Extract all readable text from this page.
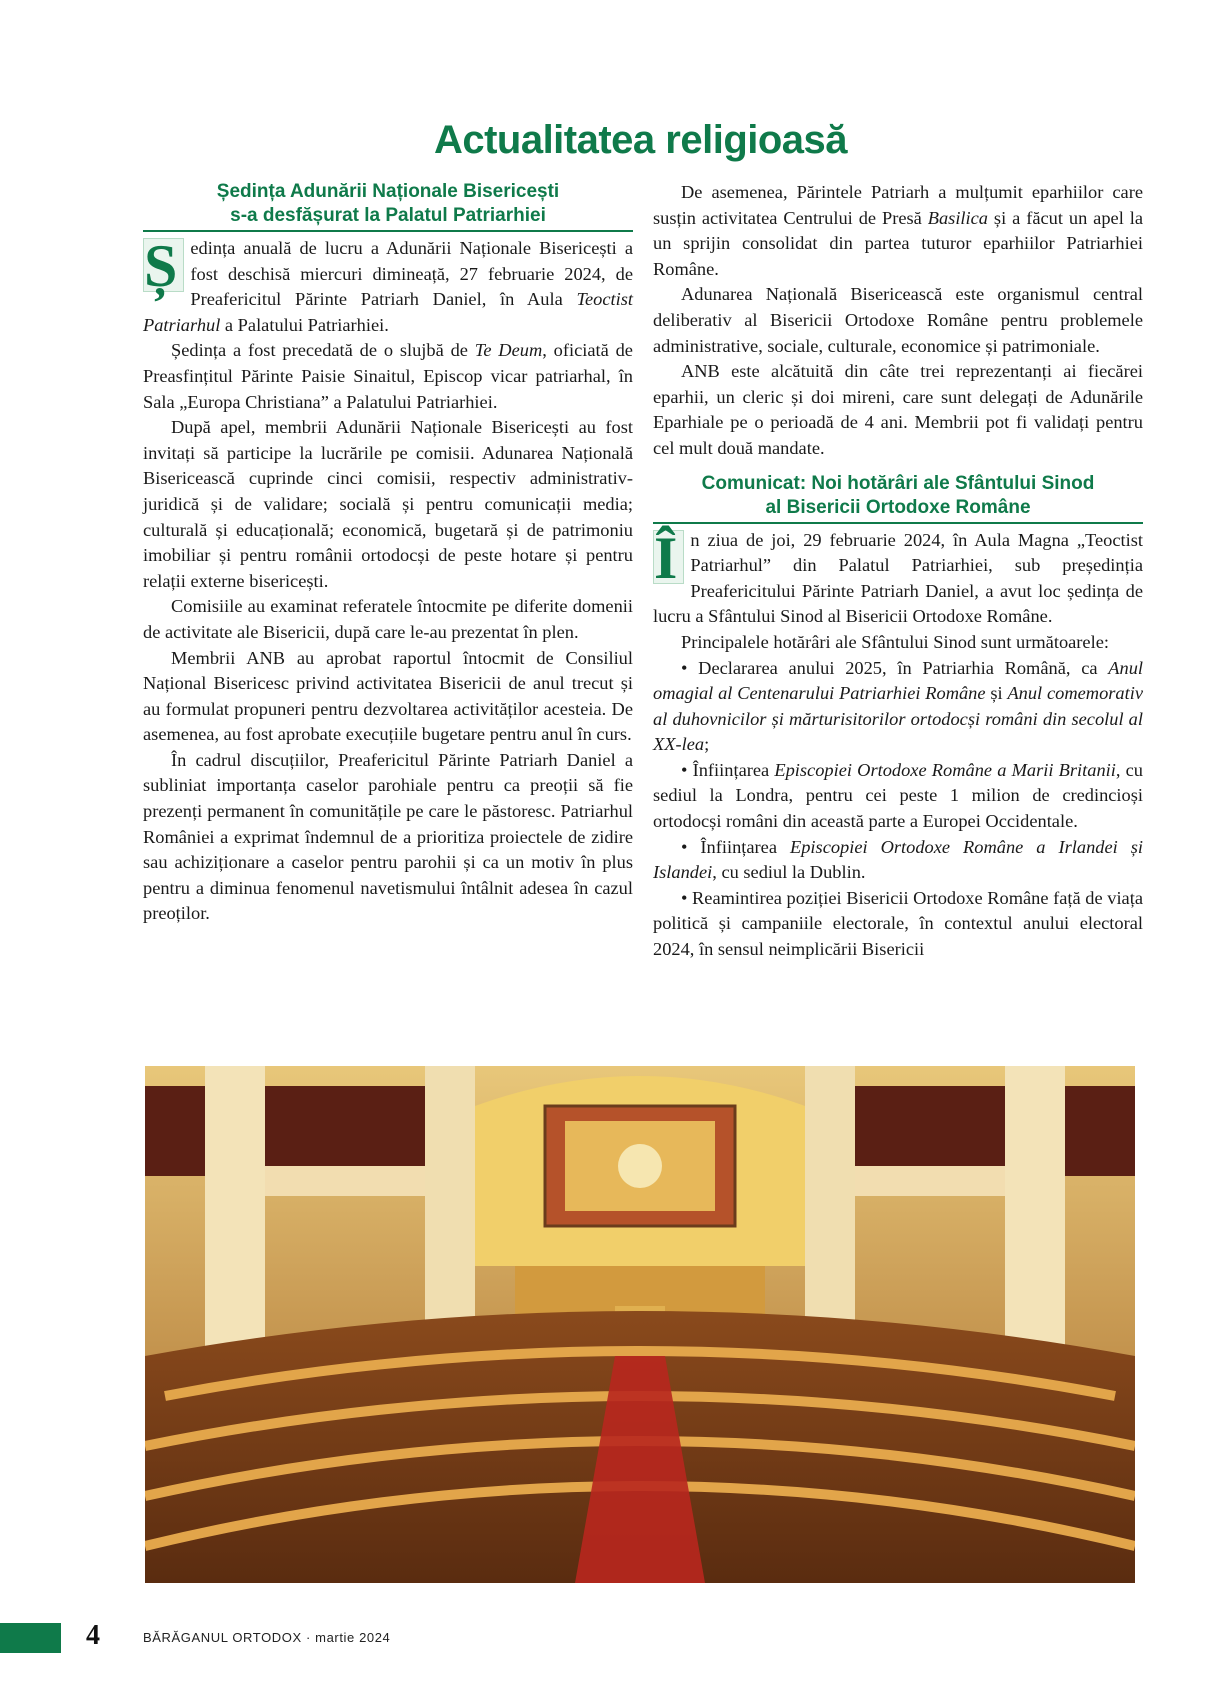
Actualitatea religioasă
Ședința Adunării Naționale Bisericești
s-a desfășurat la Palatul Patriarhiei

Ș edința anuală de lucru a Adunării Naționale Bisericești a fost deschisă miercuri dimineață, 27 februarie 2024, de Preafericitul Părinte Patriarh Daniel, în Aula Teoctist Patriarhul a Palatului Patriarhiei.

Ședința a fost precedată de o slujbă de Te Deum, oficiată de Preasfințitul Părinte Paisie Sinaitul, Episcop vicar patriarhal, în Sala „Europa Christiana” a Palatului Patriarhiei.

După apel, membrii Adunării Naționale Bisericești au fost invitați să participe la lucrările pe comisii. Adunarea Națională Bisericească cuprinde cinci comisii, respectiv administrativ-juridică și de validare; socială și pentru comunicații media; culturală și educațională; economică, bugetară și de patrimoniu imobiliar și pentru românii ortodocși de peste hotare și pentru relații externe bisericești.

Comisiile au examinat referatele întocmite pe diferite domenii de activitate ale Bisericii, după care le-au prezentat în plen.

Membrii ANB au aprobat raportul întocmit de Consiliul Național Bisericesc privind activitatea Bisericii de anul trecut și au formulat propuneri pentru dezvoltarea activităților acesteia. De asemenea, au fost aprobate execuțiile bugetare pentru anul în curs.

În cadrul discuțiilor, Preafericitul Părinte Patriarh Daniel a subliniat importanța caselor parohiale pentru ca preoții să fie prezenți permanent în comunitățile pe care le păstoresc. Patriarhul României a exprimat îndemnul de a prioritiza proiectele de zidire sau achiziționare a caselor pentru parohii și ca un motiv în plus pentru a diminua fenomenul navetismului întâlnit adesea în cazul preoților.

De asemenea, Părintele Patriarh a mulțumit eparhiilor care susțin activitatea Centrului de Presă Basilica și a făcut un apel la un sprijin consolidat din partea tuturor eparhiilor Patriarhiei Române.

Adunarea Națională Bisericească este organismul central deliberativ al Bisericii Ortodoxe Române pentru problemele administrative, sociale, culturale, economice și patrimoniale.

ANB este alcătuită din câte trei reprezentanți ai fiecărei eparhii, un cleric și doi mireni, care sunt delegați de Adunările Eparhiale pe o perioadă de 4 ani. Membrii pot fi validați pentru cel mult două mandate.

Comunicat: Noi hotărâri ale Sfântului Sinod
al Bisericii Ortodoxe Române

Î n ziua de joi, 29 februarie 2024, în Aula Magna „Teoctist Patriarhul” din Palatul Patriarhiei, sub președinția Preafericitului Părinte Patriarh Daniel, a avut loc ședința de lucru a Sfântului Sinod al Bisericii Ortodoxe Române.

Principalele hotărâri ale Sfântului Sinod sunt următoarele:

• Declararea anului 2025, în Patriarhia Română, ca Anul omagial al Centenarului Patriarhiei Române și Anul comemorativ al duhovnicilor și mărturisitorilor ortodocși români din secolul al XX-lea;

• Înființarea Episcopiei Ortodoxe Române a Marii Britanii, cu sediul la Londra, pentru cei peste 1 milion de credincioși ortodocși români din această parte a Europei Occidentale.

• Înființarea Episcopiei Ortodoxe Române a Irlandei și Islandei, cu sediul la Dublin.

• Reamintirea poziției Bisericii Ortodoxe Române față de viața politică și campaniile electorale, în contextul anului electoral 2024, în sensul neimplicării Bisericii

4	BĂRĂGANUL ORTODOX · martie 2024
